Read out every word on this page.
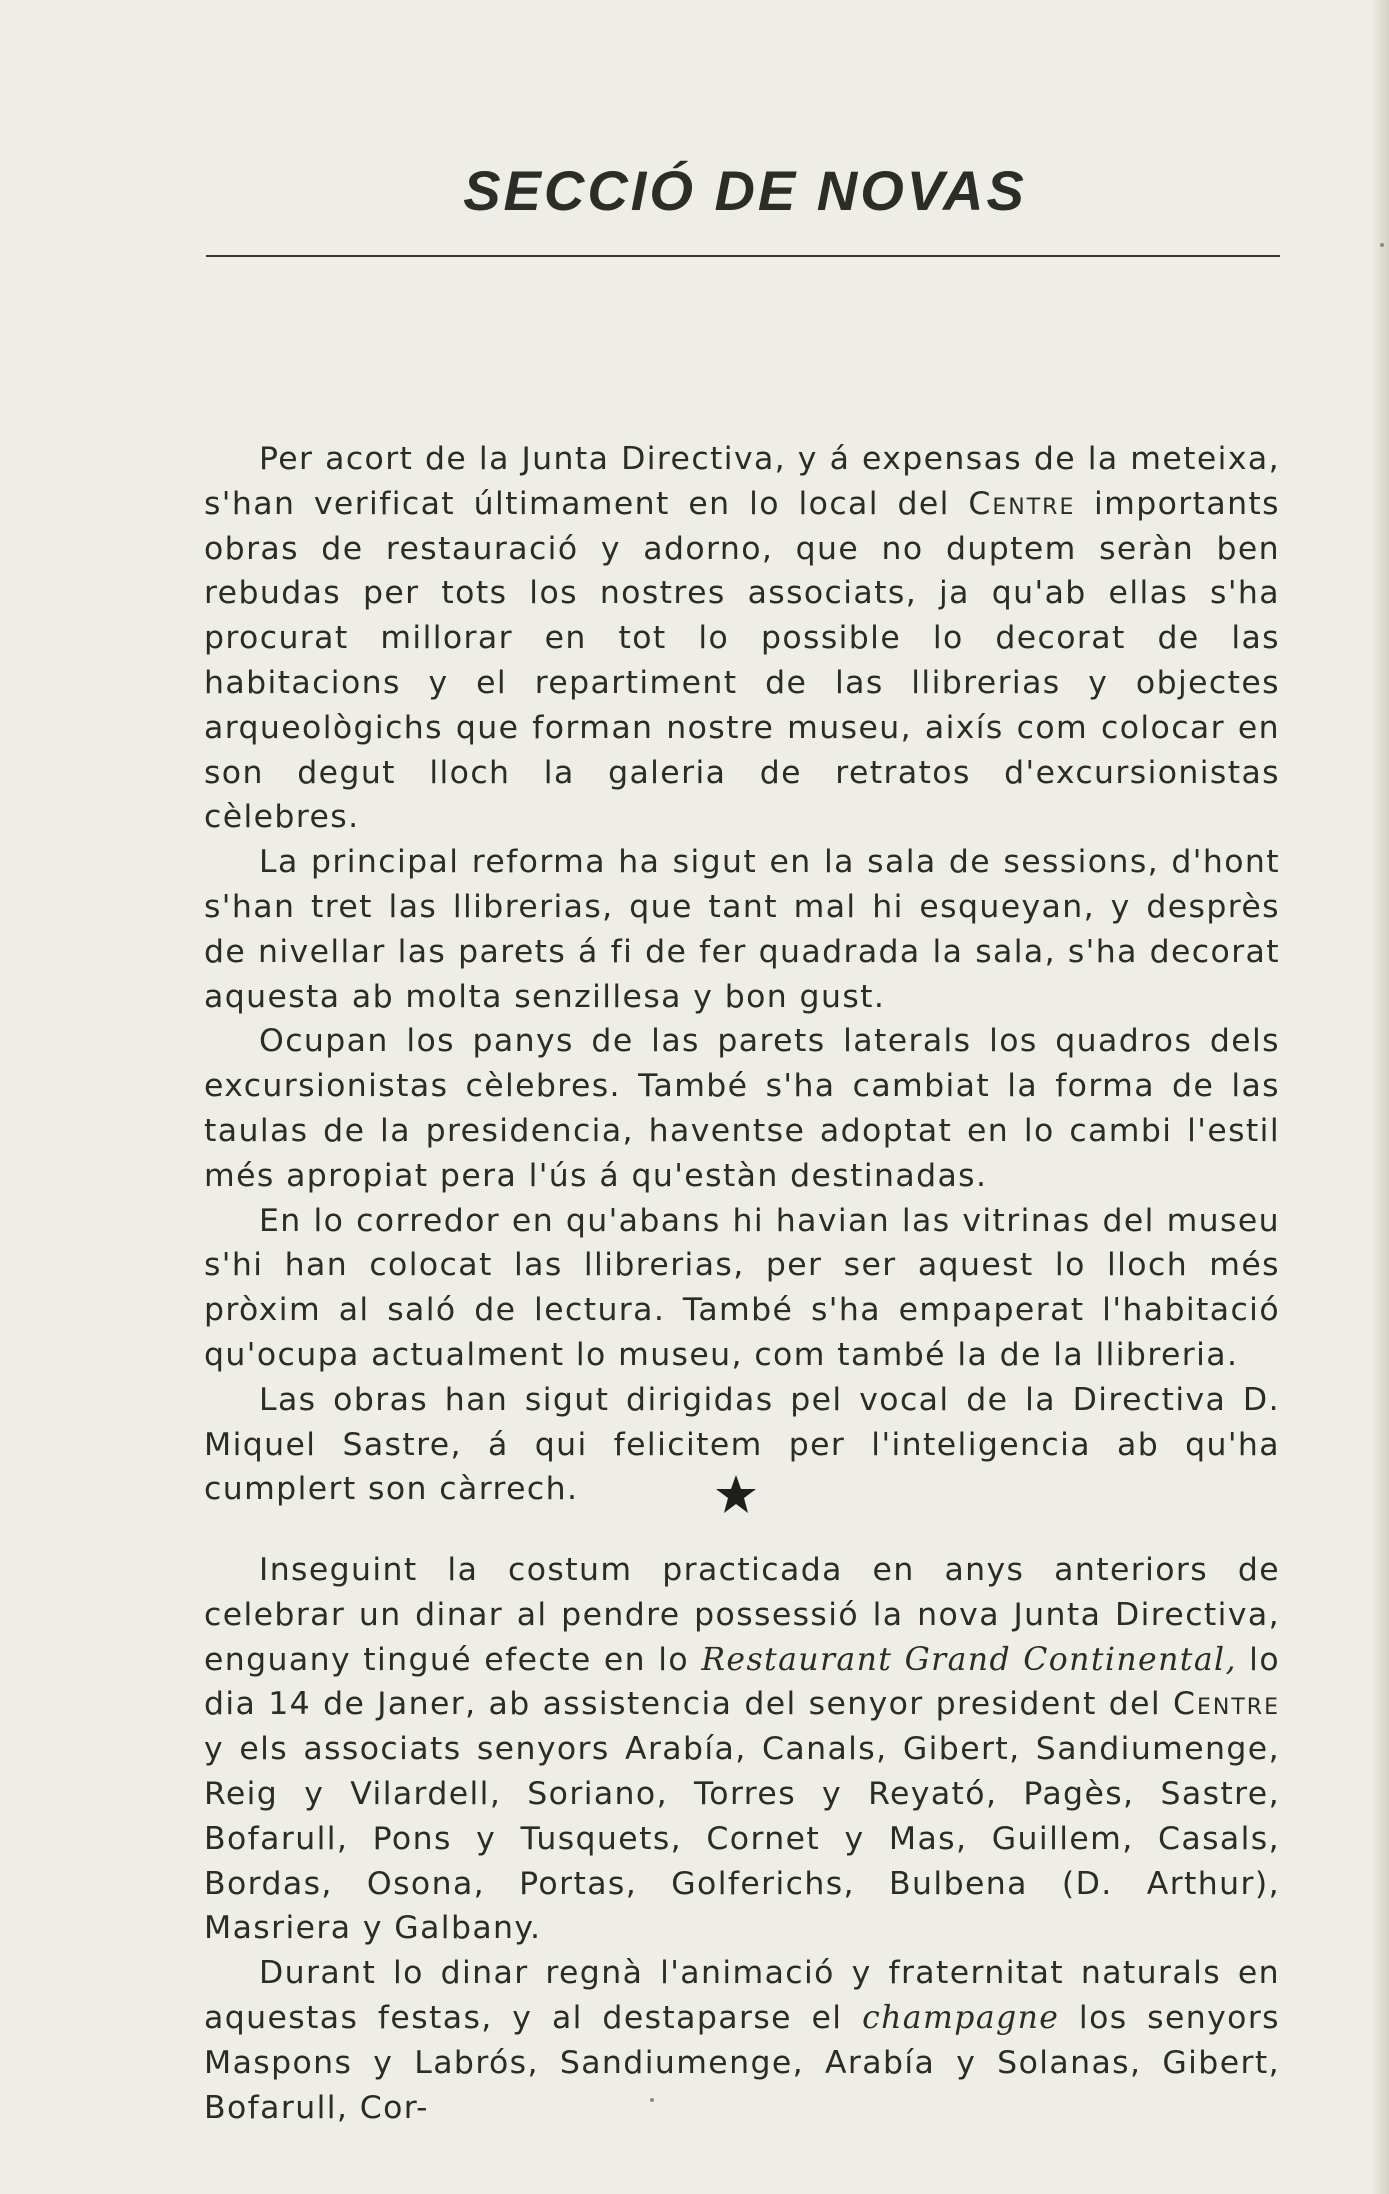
SECCIÓ DE NOVAS

Per acort de la Junta Directiva, y á expensas de la meteixa, s'han verificat últimament en lo local del Centre importants obras de restauració y adorno, que no duptem seràn ben rebudas per tots los nostres associats, ja qu'ab ellas s'ha procurat millorar en tot lo possible lo decorat de las habitacions y el repartiment de las llibrerias y objectes arqueològichs que forman nostre museu, aixís com colocar en son degut lloch la galeria de retratos d'excursionistas cèlebres.

La principal reforma ha sigut en la sala de sessions, d'hont s'han tret las llibrerias, que tant mal hi esqueyan, y desprès de nivellar las parets á fi de fer quadrada la sala, s'ha decorat aquesta ab molta senzillesa y bon gust.

Ocupan los panys de las parets laterals los quadros dels excursionistas cèlebres. També s'ha cambiat la forma de las taulas de la presidencia, haventse adoptat en lo cambi l'estil més apropiat pera l'ús á qu'estàn destinadas.

En lo corredor en qu'abans hi havian las vitrinas del museu s'hi han colocat las llibrerias, per ser aquest lo lloch més pròxim al saló de lectura. També s'ha empaperat l'habitació qu'ocupa actualment lo museu, com també la de la llibreria.

Las obras han sigut dirigidas pel vocal de la Directiva D. Miquel Sastre, á qui felicitem per l'inteligencia ab qu'ha cumplert son càrrech.

Inseguint la costum practicada en anys anteriors de celebrar un dinar al pendre possessió la nova Junta Directiva, enguany tingué efecte en lo Restaurant Grand Continental, lo dia 14 de Janer, ab assistencia del senyor president del Centre y els associats senyors Arabía, Canals, Gibert, Sandiumenge, Reig y Vilardell, Soriano, Torres y Reyató, Pagès, Sastre, Bofarull, Pons y Tusquets, Cornet y Mas, Guillem, Casals, Bordas, Osona, Portas, Golferichs, Bulbena (D. Arthur), Masriera y Galbany.

Durant lo dinar regnà l'animació y fraternitat naturals en aquestas festas, y al destaparse el champagne los senyors Maspons y Labrós, Sandiumenge, Arabía y Solanas, Gibert, Bofarull, Cor-
